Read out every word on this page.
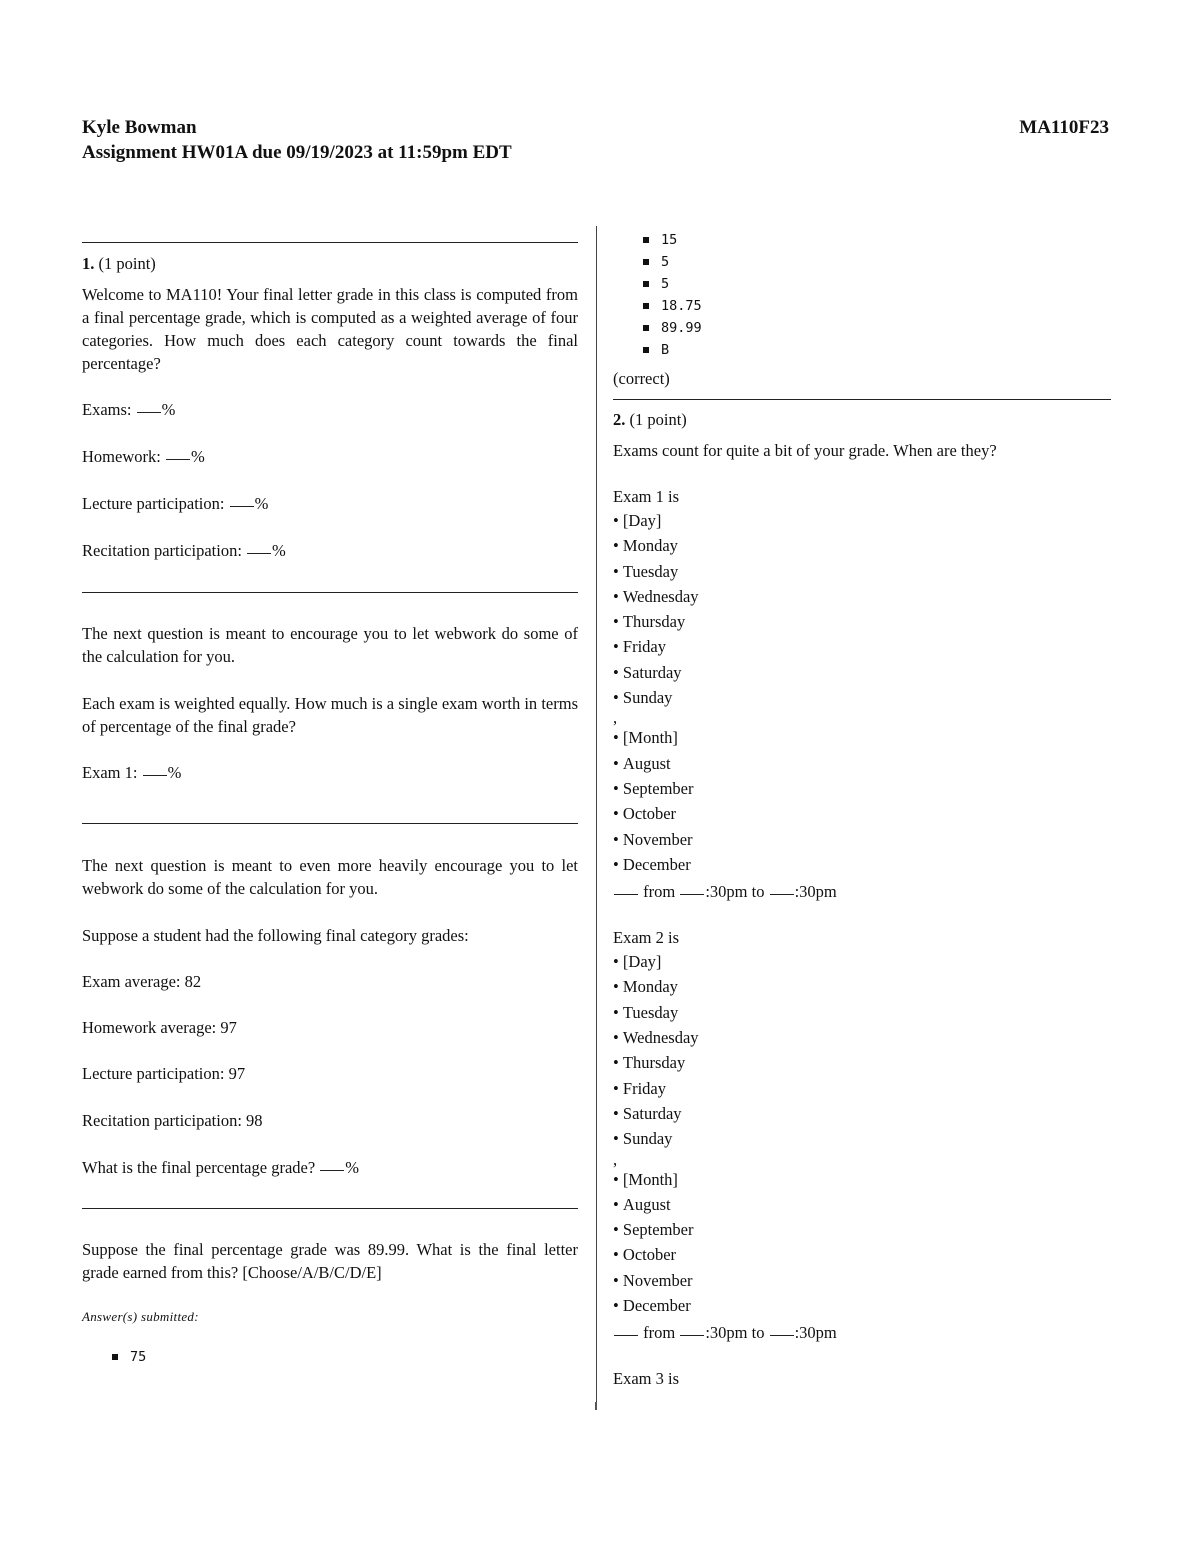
Kyle Bowman	MA110F23
Assignment HW01A due 09/19/2023 at 11:59pm EDT

1. (1 point)

Welcome to MA110! Your final letter grade in this class is computed from a final percentage grade, which is computed as a weighted average of four categories. How much does each category count towards the final percentage?

Exams: %

Homework: %

Lecture participation: %

Recitation participation: %

The next question is meant to encourage you to let webwork do some of the calculation for you.

Each exam is weighted equally. How much is a single exam worth in terms of percentage of the final grade?

Exam 1: %

The next question is meant to even more heavily encourage you to let webwork do some of the calculation for you.

Suppose a student had the following final category grades:

Exam average: 82

Homework average: 97

Lecture participation: 97

Recitation participation: 98

What is the final percentage grade? %

Suppose the final percentage grade was 89.99. What is the final letter grade earned from this? [Choose/A/B/C/D/E]

Answer(s) submitted:

75
15
5
5
18.75
89.99
B

(correct)

2. (1 point)

Exams count for quite a bit of your grade. When are they?

Exam 1 is

• [Day]
• Monday
• Tuesday
• Wednesday
• Thursday
• Friday
• Saturday
• Sunday
,
• [Month]
• August
• September
• October
• November
• December

from :30pm to :30pm

Exam 2 is

• [Day]
• Monday
• Tuesday
• Wednesday
• Thursday
• Friday
• Saturday
• Sunday
,
• [Month]
• August
• September
• October
• November
• December

from :30pm to :30pm

Exam 3 is
